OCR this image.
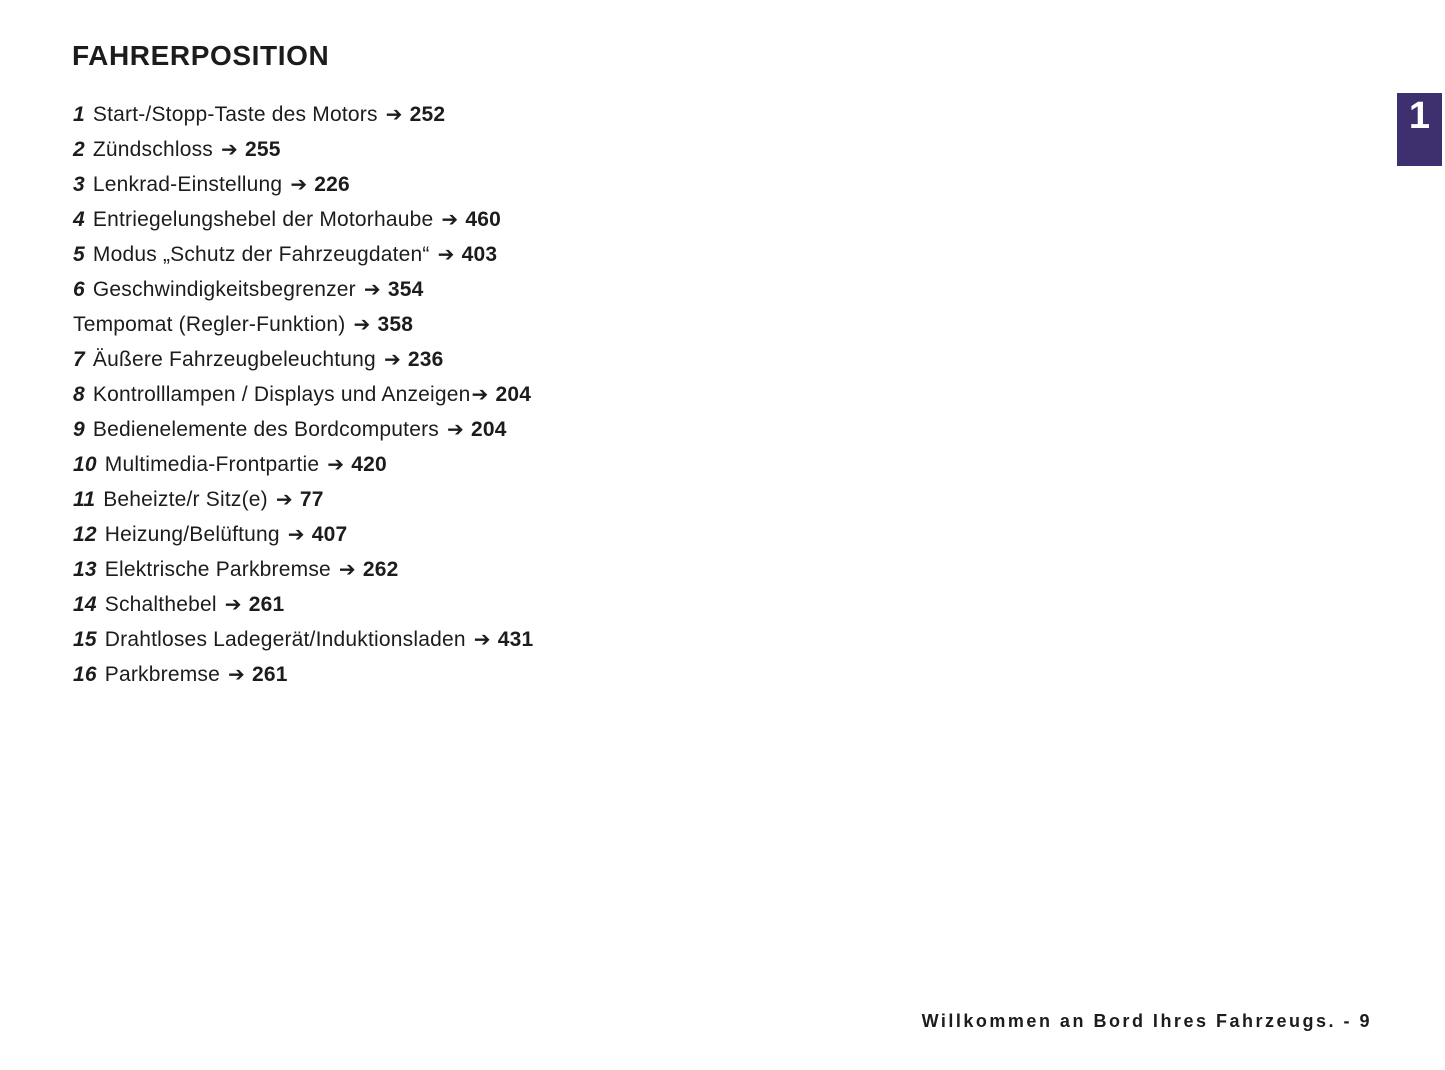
FAHRERPOSITION
1 Start-/Stopp-Taste des Motors ➔ 252
2 Zündschloss ➔ 255
3 Lenkrad-Einstellung ➔ 226
4 Entriegelungshebel der Motorhaube ➔ 460
5 Modus „Schutz der Fahrzeugdaten“ ➔ 403
6 Geschwindigkeitsbegrenzer ➔ 354
Tempomat (Regler-Funktion) ➔ 358
7 Äußere Fahrzeugbeleuchtung ➔ 236
8 Kontrolllampen / Displays und Anzeigen➔ 204
9 Bedienelemente des Bordcomputers ➔ 204
10 Multimedia-Frontpartie ➔ 420
11 Beheizte/r Sitz(e) ➔ 77
12 Heizung/Belüftung ➔ 407
13 Elektrische Parkbremse ➔ 262
14 Schalthebel ➔ 261
15 Drahtloses Ladegerät/Induktionsladen ➔ 431
16 Parkbremse ➔ 261
1
Willkommen an Bord Ihres Fahrzeugs. - 9
